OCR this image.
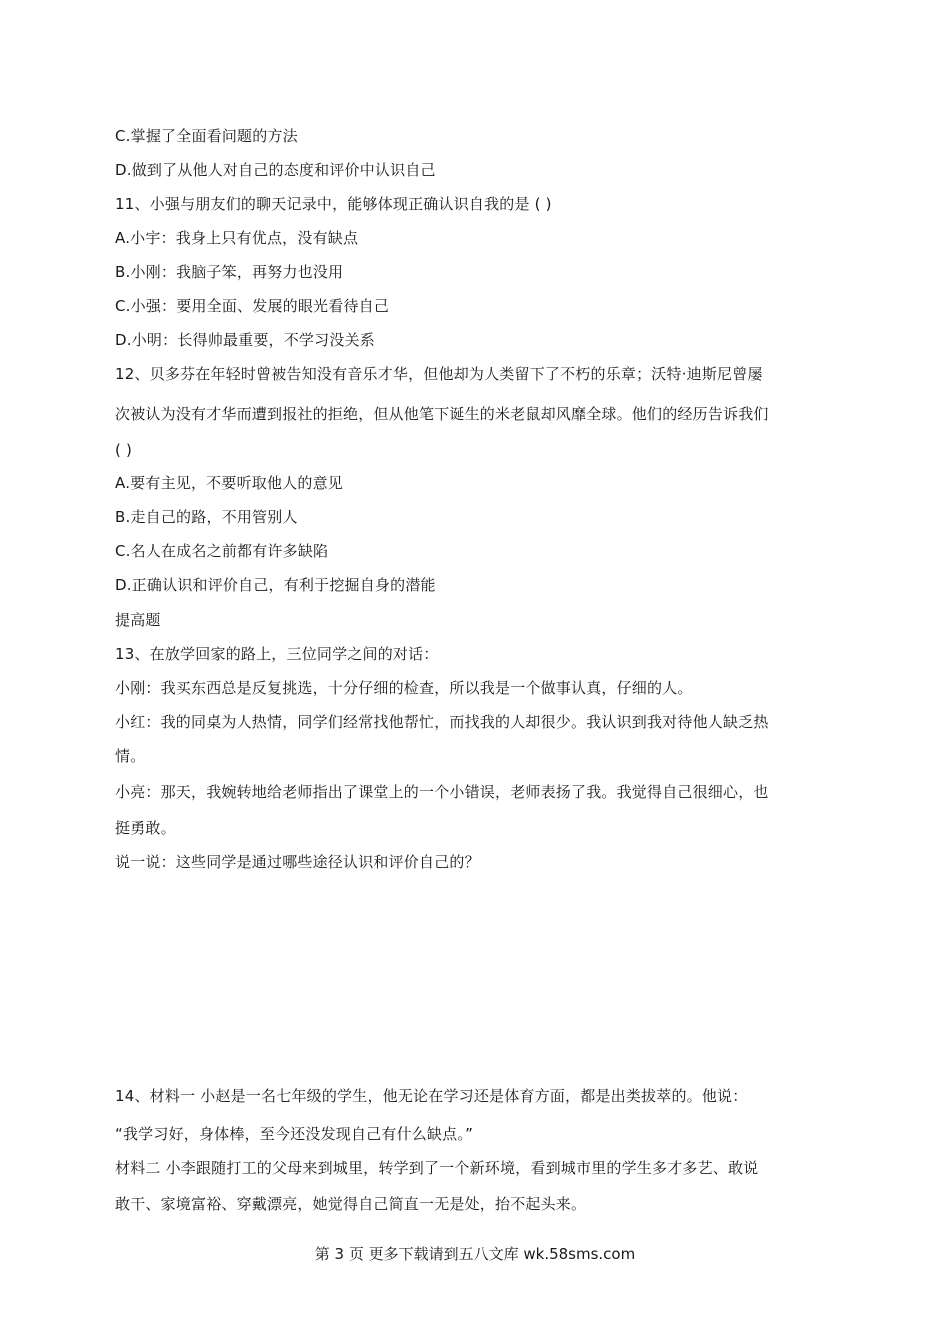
C.掌握了全面看问题的方法
D.做到了从他人对自己的态度和评价中认识自己
11、小强与朋友们的聊天记录中，能够体现正确认识自我的是 ( )
A.小宇：我身上只有优点，没有缺点
B.小刚：我脑子笨，再努力也没用
C.小强：要用全面、发展的眼光看待自己
D.小明：长得帅最重要，不学习没关系
12、贝多芬在年轻时曾被告知没有音乐才华，但他却为人类留下了不朽的乐章；沃特·迪斯尼曾屡
次被认为没有才华而遭到报社的拒绝，但从他笔下诞生的米老鼠却风靡全球。他们的经历告诉我们
( )
A.要有主见，不要听取他人的意见
B.走自己的路，不用管别人
C.名人在成名之前都有许多缺陷
D.正确认识和评价自己，有利于挖掘自身的潜能
提高题
13、在放学回家的路上，三位同学之间的对话：
小刚：我买东西总是反复挑选，十分仔细的检查，所以我是一个做事认真，仔细的人。
小红：我的同桌为人热情，同学们经常找他帮忙，而找我的人却很少。我认识到我对待他人缺乏热
情。
小亮：那天，我婉转地给老师指出了课堂上的一个小错误，老师表扬了我。我觉得自己很细心，也
挺勇敢。
说一说：这些同学是通过哪些途径认识和评价自己的？
14、材料一 小赵是一名七年级的学生，他无论在学习还是体育方面，都是出类拔萃的。他说：
“我学习好，身体棒，至今还没发现自己有什么缺点。”
材料二 小李跟随打工的父母来到城里，转学到了一个新环境，看到城市里的学生多才多艺、敢说
敢干、家境富裕、穿戴漂亮，她觉得自己简直一无是处，抬不起头来。
第 3 页 更多下载请到五八文库 wk.58sms.com
